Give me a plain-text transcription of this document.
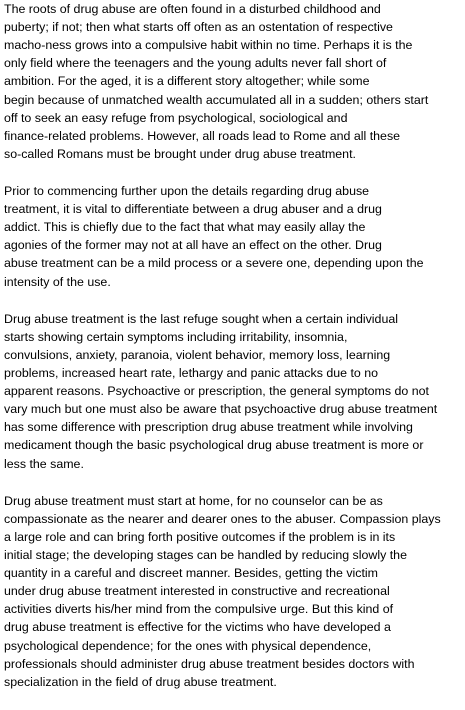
The roots of drug abuse are often found in a disturbed childhood and
puberty; if not; then what starts off often as an ostentation of respective
macho-ness grows into a compulsive habit within no time. Perhaps it is the
only field where the teenagers and the young adults never fall short of
ambition. For the aged, it is a different story altogether; while some
begin because of unmatched wealth accumulated all in a sudden; others start
off to seek an easy refuge from psychological, sociological and
finance-related problems. However, all roads lead to Rome and all these
so-called Romans must be brought under drug abuse treatment.
Prior to commencing further upon the details regarding drug abuse
treatment, it is vital to differentiate between a drug abuser and a drug
addict. This is chiefly due to the fact that what may easily allay the
agonies of the former may not at all have an effect on the other. Drug
abuse treatment can be a mild process or a severe one, depending upon the
intensity of the use.
Drug abuse treatment is the last refuge sought when a certain individual
starts showing certain symptoms including irritability, insomnia,
convulsions, anxiety, paranoia, violent behavior, memory loss, learning
problems, increased heart rate, lethargy and panic attacks due to no
apparent reasons. Psychoactive or prescription, the general symptoms do not
vary much but one must also be aware that psychoactive drug abuse treatment
has some difference with prescription drug abuse treatment while involving
medicament though the basic psychological drug abuse treatment is more or
less the same.
Drug abuse treatment must start at home, for no counselor can be as
compassionate as the nearer and dearer ones to the abuser. Compassion plays
a large role and can bring forth positive outcomes if the problem is in its
initial stage; the developing stages can be handled by reducing slowly the
quantity in a careful and discreet manner. Besides, getting the victim
under drug abuse treatment interested in constructive and recreational
activities diverts his/her mind from the compulsive urge. But this kind of
drug abuse treatment is effective for the victims who have developed a
psychological dependence; for the ones with physical dependence,
professionals should administer drug abuse treatment besides doctors with
specialization in the field of drug abuse treatment.
